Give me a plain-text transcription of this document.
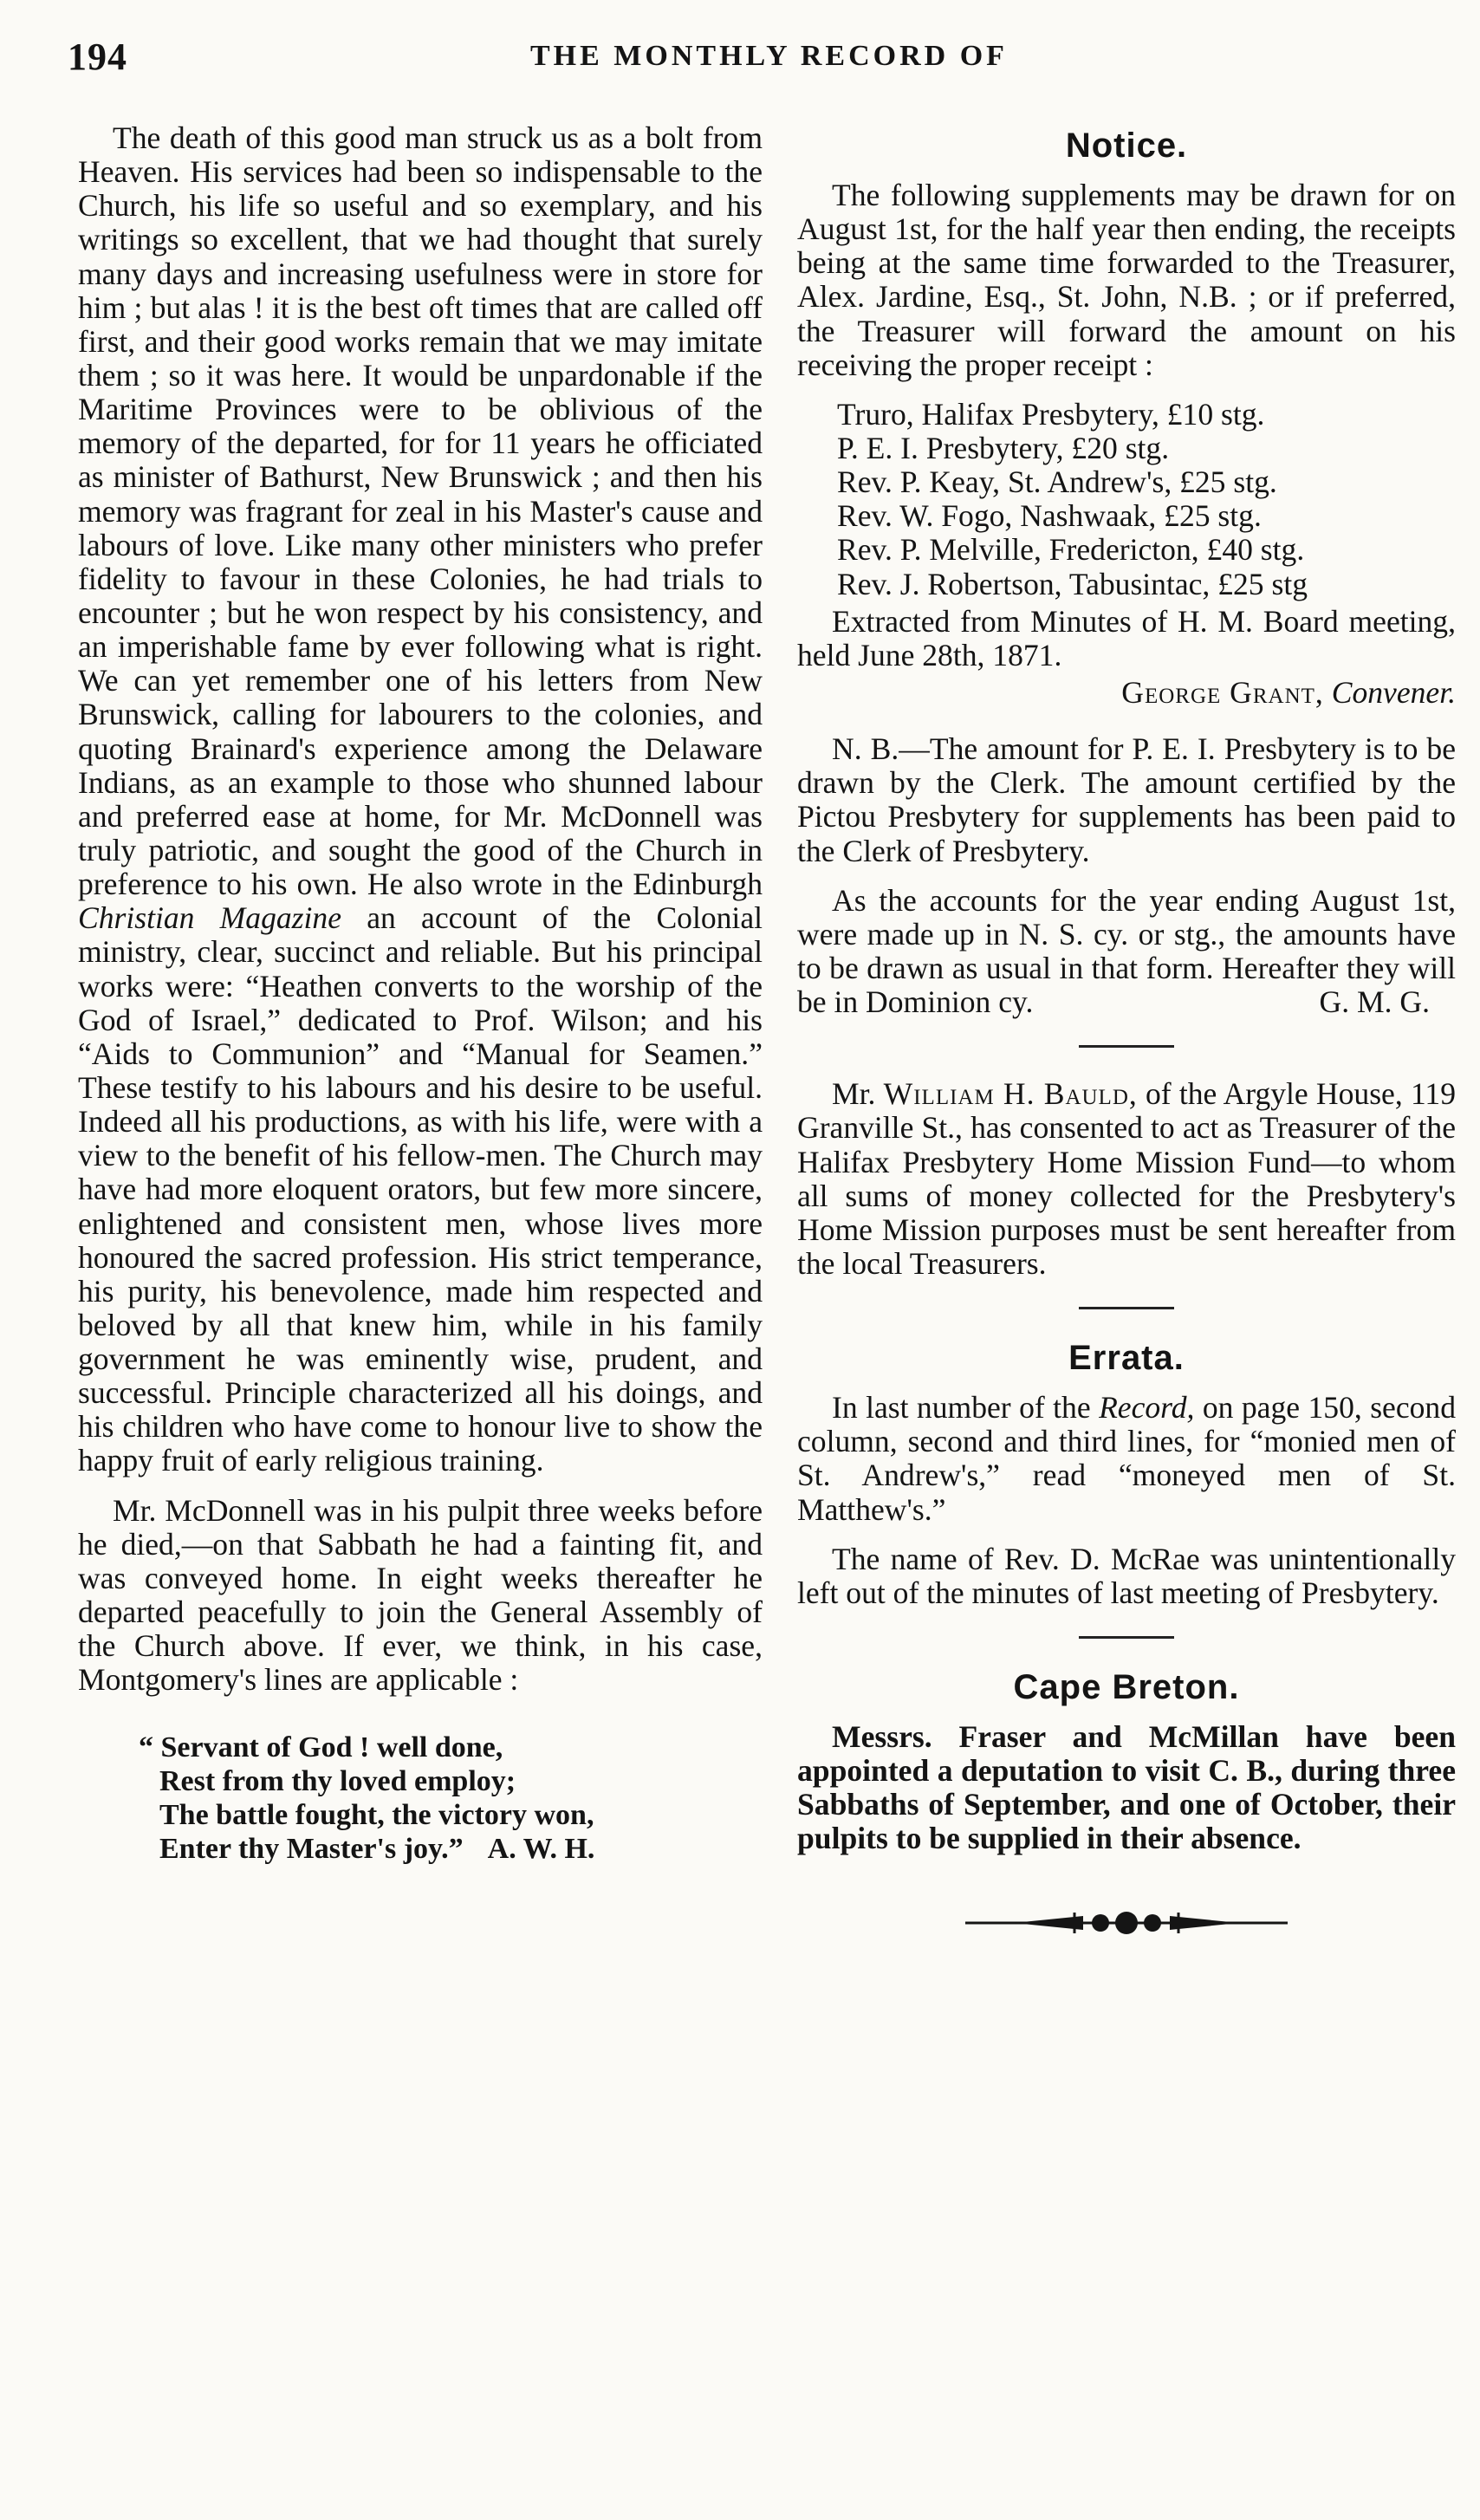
194	THE MONTHLY RECORD OF

The death of this good man struck us as a bolt from Heaven. His services had been so indispensable to the Church, his life so useful and so exemplary, and his writings so excellent, that we had thought that surely many days and increasing usefulness were in store for him ; but alas ! it is the best oft times that are called off first, and their good works remain that we may imitate them ; so it was here. It would be unpardonable if the Maritime Provinces were to be oblivious of the memory of the departed, for for 11 years he officiated as minister of Bathurst, New Brunswick ; and then his memory was fragrant for zeal in his Master's cause and labours of love. Like many other ministers who prefer fidelity to favour in these Colonies, he had trials to encounter ; but he won respect by his consistency, and an imperishable fame by ever following what is right. We can yet remember one of his letters from New Brunswick, calling for labourers to the colonies, and quoting Brainard's experience among the Delaware Indians, as an example to those who shunned labour and preferred ease at home, for Mr. McDonnell was truly patriotic, and sought the good of the Church in preference to his own. He also wrote in the Edinburgh Christian Magazine an account of the Colonial ministry, clear, succinct and reliable. But his principal works were: “Heathen converts to the worship of the God of Israel,” dedicated to Prof. Wilson; and his “Aids to Communion” and “Manual for Seamen.” These testify to his labours and his desire to be useful. Indeed all his productions, as with his life, were with a view to the benefit of his fellow-men. The Church may have had more eloquent orators, but few more sincere, enlightened and consistent men, whose lives more honoured the sacred profession. His strict temperance, his purity, his benevolence, made him respected and beloved by all that knew him, while in his family government he was eminently wise, prudent, and successful. Principle characterized all his doings, and his children who have come to honour live to show the happy fruit of early religious training.

Mr. McDonnell was in his pulpit three weeks before he died,—on that Sabbath he had a fainting fit, and was conveyed home. In eight weeks thereafter he departed peacefully to join the General Assembly of the Church above. If ever, we think, in his case, Montgomery's lines are applicable :

“ Servant of God ! well done,
Rest from thy loved employ;
The battle fought, the victory won,
Enter thy Master's joy.” A. W. H.
Notice.

The following supplements may be drawn for on August 1st, for the half year then ending, the receipts being at the same time forwarded to the Treasurer, Alex. Jardine, Esq., St. John, N.B. ; or if preferred, the Treasurer will forward the amount on his receiving the proper receipt :

Truro, Halifax Presbytery, £10 stg.
P. E. I. Presbytery, £20 stg.
Rev. P. Keay, St. Andrew's, £25 stg.
Rev. W. Fogo, Nashwaak, £25 stg.
Rev. P. Melville, Fredericton, £40 stg.
Rev. J. Robertson, Tabusintac, £25 stg

Extracted from Minutes of H. M. Board meeting, held June 28th, 1871.

George Grant, Convener.

N. B.—The amount for P. E. I. Presbytery is to be drawn by the Clerk. The amount certified by the Pictou Presbytery for supplements has been paid to the Clerk of Presbytery.

As the accounts for the year ending August 1st, were made up in N. S. cy. or stg., the amounts have to be drawn as usual in that form. Hereafter they will be in Dominion cy.	G. M. G.

Mr. William H. Bauld, of the Argyle House, 119 Granville St., has consented to act as Treasurer of the Halifax Presbytery Home Mission Fund—to whom all sums of money collected for the Presbytery's Home Mission purposes must be sent hereafter from the local Treasurers.

Errata.

In last number of the Record, on page 150, second column, second and third lines, for “monied men of St. Andrew's,” read “moneyed men of St. Matthew's.”

The name of Rev. D. McRae was unintentionally left out of the minutes of last meeting of Presbytery.

Cape Breton.

Messrs. Fraser and McMillan have been appointed a deputation to visit C. B., during three Sabbaths of September, and one of October, their pulpits to be supplied in their absence.
